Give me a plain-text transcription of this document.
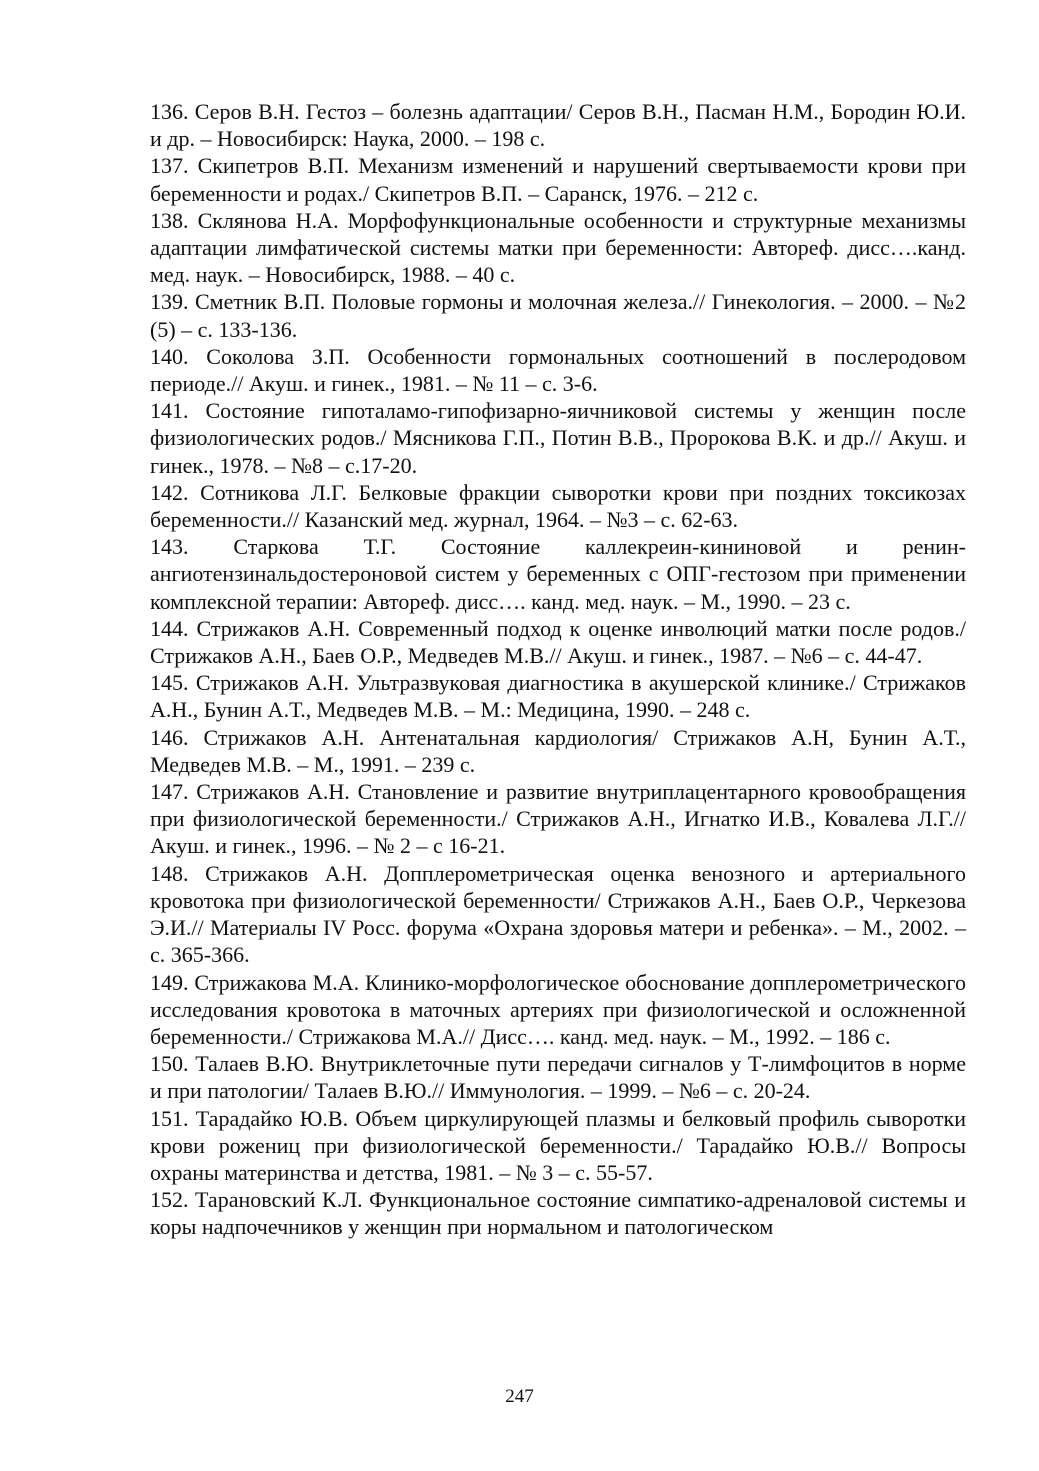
136. Серов В.Н. Гестоз – болезнь адаптации/ Серов В.Н., Пасман Н.М., Бородин Ю.И. и др. – Новосибирск: Наука, 2000. – 198 с.
137. Скипетров В.П. Механизм изменений и нарушений свертываемости крови при беременности и родах./ Скипетров В.П. – Саранск, 1976. – 212 с.
138. Склянова Н.А. Морфофункциональные особенности и структурные механизмы адаптации лимфатической системы матки при беременности: Автореф. дисс….канд. мед. наук. – Новосибирск, 1988. – 40 с.
139. Сметник В.П. Половые гормоны и молочная железа.// Гинекология. – 2000. – №2 (5) – с. 133-136.
140. Соколова З.П. Особенности гормональных соотношений в послеродовом периоде.// Акуш. и гинек., 1981. – № 11 – с. 3-6.
141. Состояние гипоталамо-гипофизарно-яичниковой системы у женщин после физиологических родов./ Мясникова Г.П., Потин В.В., Пророкова В.К. и др.// Акуш. и гинек., 1978. – №8 – с.17-20.
142. Сотникова Л.Г. Белковые фракции сыворотки крови при поздних токсикозах беременности.// Казанский мед. журнал, 1964. – №3 – с. 62-63.
143. Старкова Т.Г. Состояние каллекреин-кининовой и ренин-ангиотензинальдостероновой систем у беременных с ОПГ-гестозом при применении комплексной терапии: Автореф. дисс…. канд. мед. наук. – М., 1990. – 23 с.
144. Стрижаков А.Н. Современный подход к оценке инволюций матки после родов./ Стрижаков А.Н., Баев О.Р., Медведев М.В.// Акуш. и гинек., 1987. – №6 – с. 44-47.
145. Стрижаков А.Н. Ультразвуковая диагностика в акушерской клинике./ Стрижаков А.Н., Бунин А.Т., Медведев М.В. – М.: Медицина, 1990. – 248 с.
146. Стрижаков А.Н. Антенатальная кардиология/ Стрижаков А.Н, Бунин А.Т., Медведев М.В. – М., 1991. – 239 с.
147. Стрижаков А.Н. Становление и развитие внутриплацентарного кровообращения при физиологической беременности./ Стрижаков А.Н., Игнатко И.В., Ковалева Л.Г.// Акуш. и гинек., 1996. – № 2 – с 16-21.
148. Стрижаков А.Н. Допплерометрическая оценка венозного и артериального кровотока при физиологической беременности/ Стрижаков А.Н., Баев О.Р., Черкезова Э.И.// Материалы IV Росс. форума «Охрана здоровья матери и ребенка». – М., 2002. – с. 365-366.
149. Стрижакова М.А. Клинико-морфологическое обоснование допплерометрического исследования кровотока в маточных артериях при физиологической и осложненной беременности./ Стрижакова М.А.// Дисс…. канд. мед. наук. – М., 1992. – 186 с.
150. Талаев В.Ю. Внутриклеточные пути передачи сигналов у Т-лимфоцитов в норме и при патологии/ Талаев В.Ю.// Иммунология. – 1999. – №6 – с. 20-24.
151. Тарадайко Ю.В. Объем циркулирующей плазмы и белковый профиль сыворотки крови рожениц при физиологической беременности./ Тарадайко Ю.В.// Вопросы охраны материнства и детства, 1981. – № 3 – с. 55-57.
152. Тарановский К.Л. Функциональное состояние симпатико-адреналовой системы и коры надпочечников у женщин при нормальном и патологическом
247
